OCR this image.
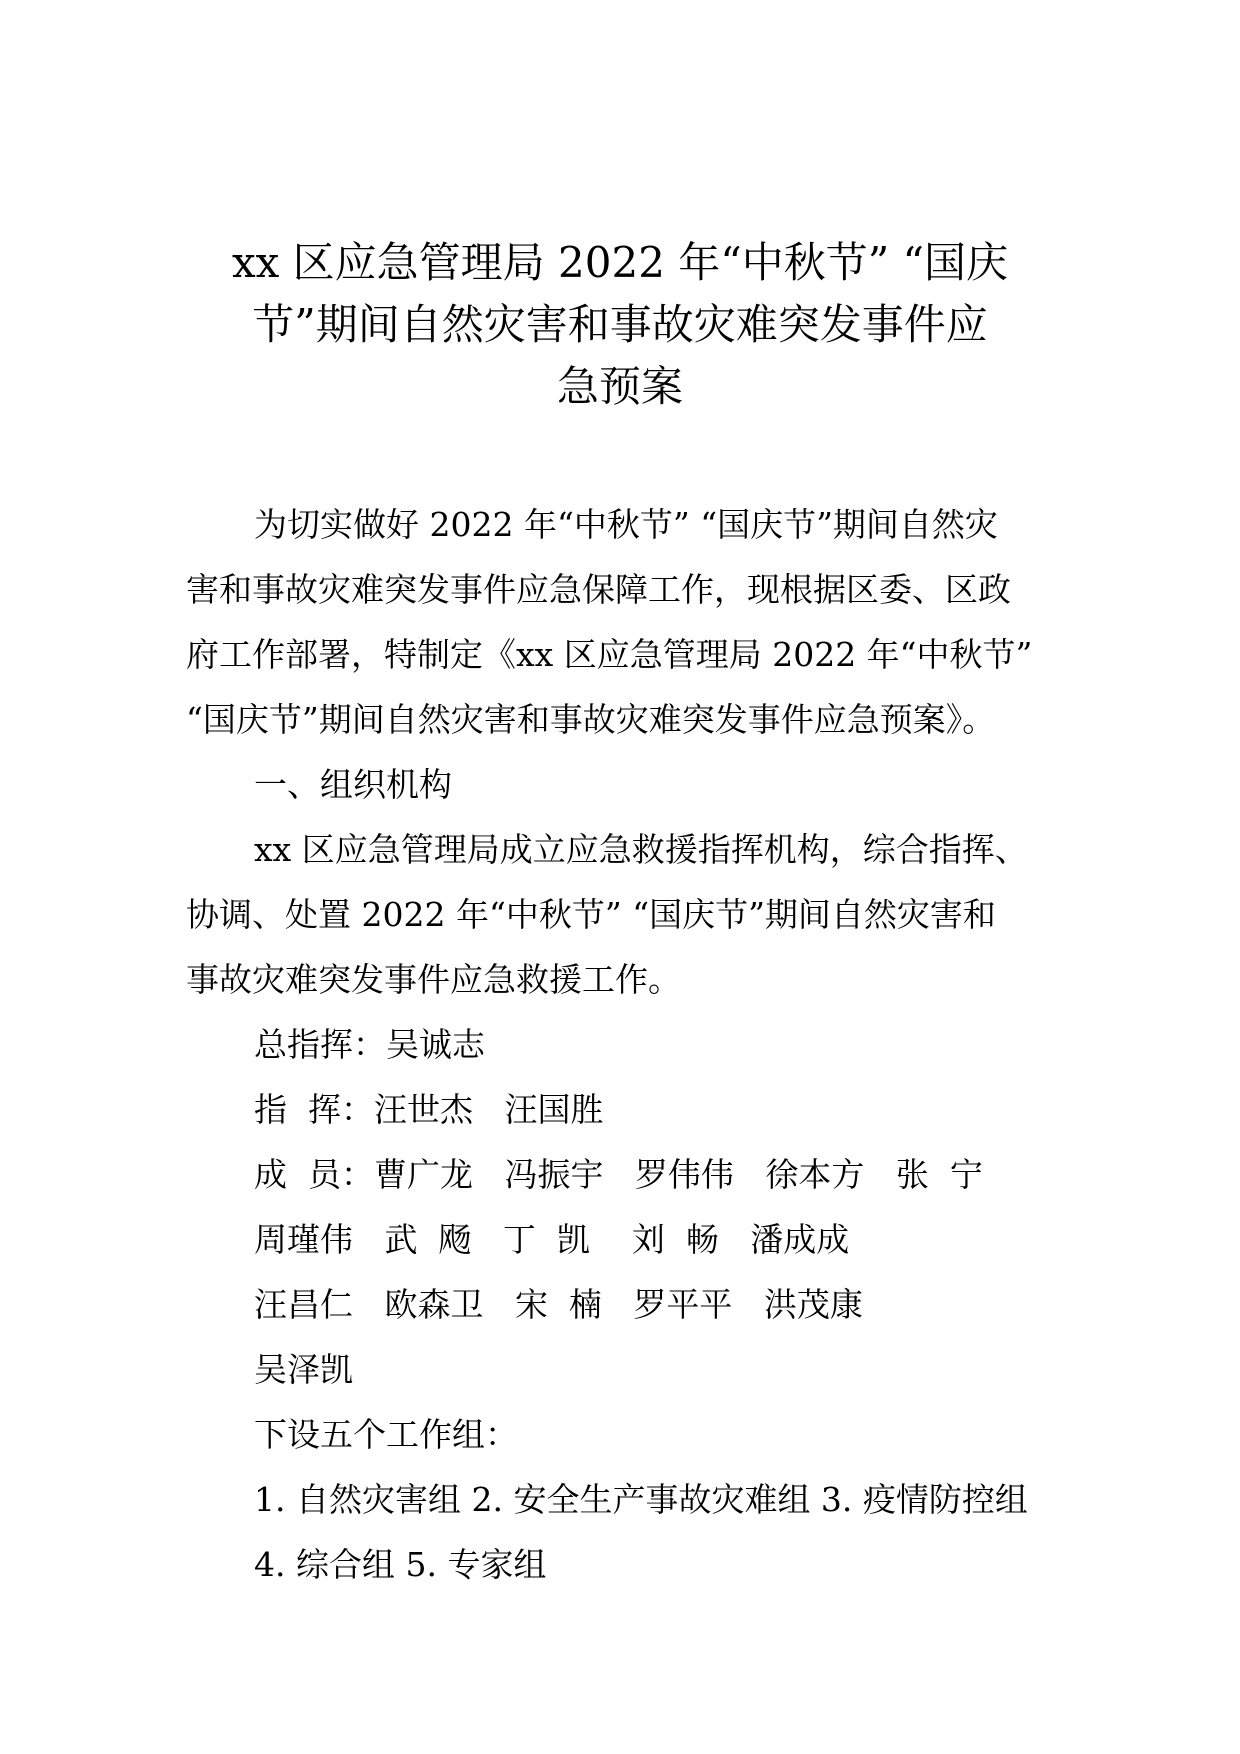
xx 区应急管理局 2022 年“中秋节” “国庆
节”期间自然灾害和事故灾难突发事件应
急预案

为切实做好 2022 年“中秋节” “国庆节”期间自然灾

害和事故灾难突发事件应急保障工作，现根据区委、区政

府工作部署，特制定《xx 区应急管理局 2022 年“中秋节”

“国庆节”期间自然灾害和事故灾难突发事件应急预案》。

一、组织机构

xx 区应急管理局成立应急救援指挥机构，综合指挥、

协调、处置 2022 年“中秋节” “国庆节”期间自然灾害和

事故灾难突发事件应急救援工作。

总指挥：吴诚志

指  挥：汪世杰   汪国胜

成  员：曹广龙   冯振宇   罗伟伟   徐本方   张  宁

周瑾伟   武  飏   丁  凯    刘  畅   潘成成

汪昌仁   欧森卫   宋  楠   罗平平   洪茂康

吴泽凯

下设五个工作组：

1. 自然灾害组 2. 安全生产事故灾难组 3. 疫情防控组

4. 综合组 5. 专家组
